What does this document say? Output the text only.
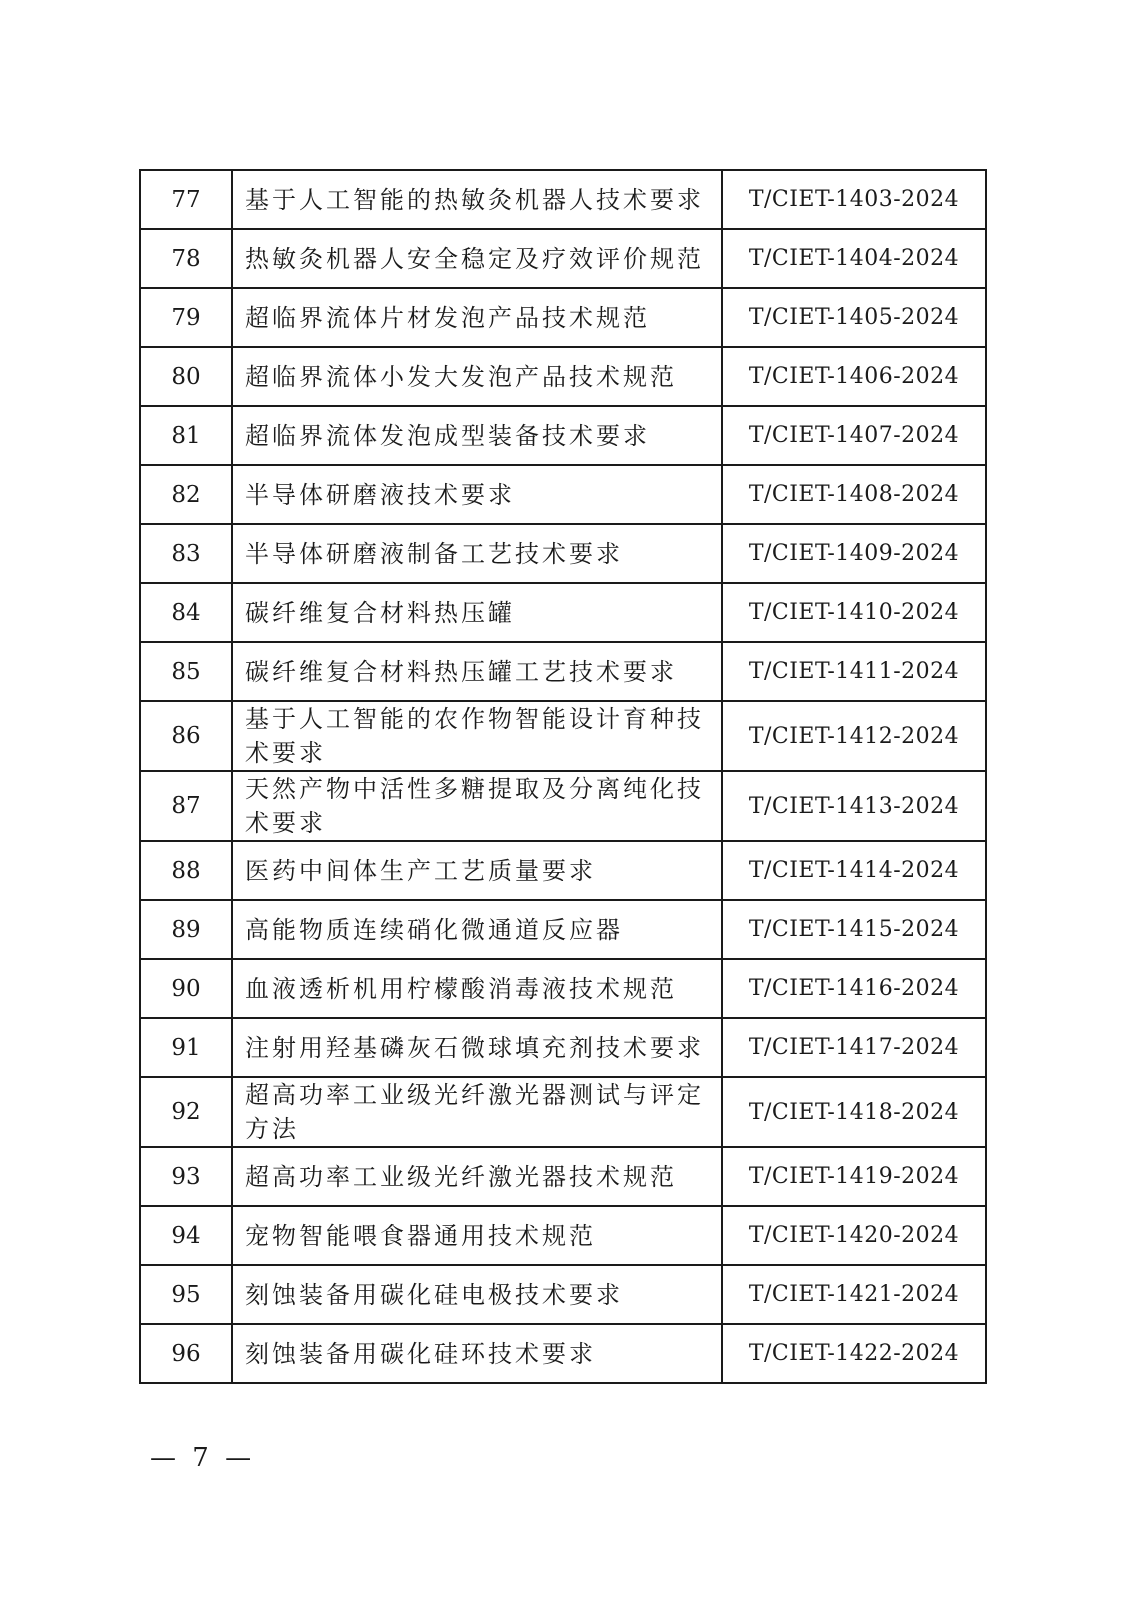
77	基于人工智能的热敏灸机器人技术要求	T/CIET-1403-2024
78	热敏灸机器人安全稳定及疗效评价规范	T/CIET-1404-2024
79	超临界流体片材发泡产品技术规范	T/CIET-1405-2024
80	超临界流体小发大发泡产品技术规范	T/CIET-1406-2024
81	超临界流体发泡成型装备技术要求	T/CIET-1407-2024
82	半导体研磨液技术要求	T/CIET-1408-2024
83	半导体研磨液制备工艺技术要求	T/CIET-1409-2024
84	碳纤维复合材料热压罐	T/CIET-1410-2024
85	碳纤维复合材料热压罐工艺技术要求	T/CIET-1411-2024
86	基于人工智能的农作物智能设计育种技术要求	T/CIET-1412-2024
87	天然产物中活性多糖提取及分离纯化技术要求	T/CIET-1413-2024
88	医药中间体生产工艺质量要求	T/CIET-1414-2024
89	高能物质连续硝化微通道反应器	T/CIET-1415-2024
90	血液透析机用柠檬酸消毒液技术规范	T/CIET-1416-2024
91	注射用羟基磷灰石微球填充剂技术要求	T/CIET-1417-2024
92	超高功率工业级光纤激光器测试与评定方法	T/CIET-1418-2024
93	超高功率工业级光纤激光器技术规范	T/CIET-1419-2024
94	宠物智能喂食器通用技术规范	T/CIET-1420-2024
95	刻蚀装备用碳化硅电极技术要求	T/CIET-1421-2024
96	刻蚀装备用碳化硅环技术要求	T/CIET-1422-2024
— 7 —
